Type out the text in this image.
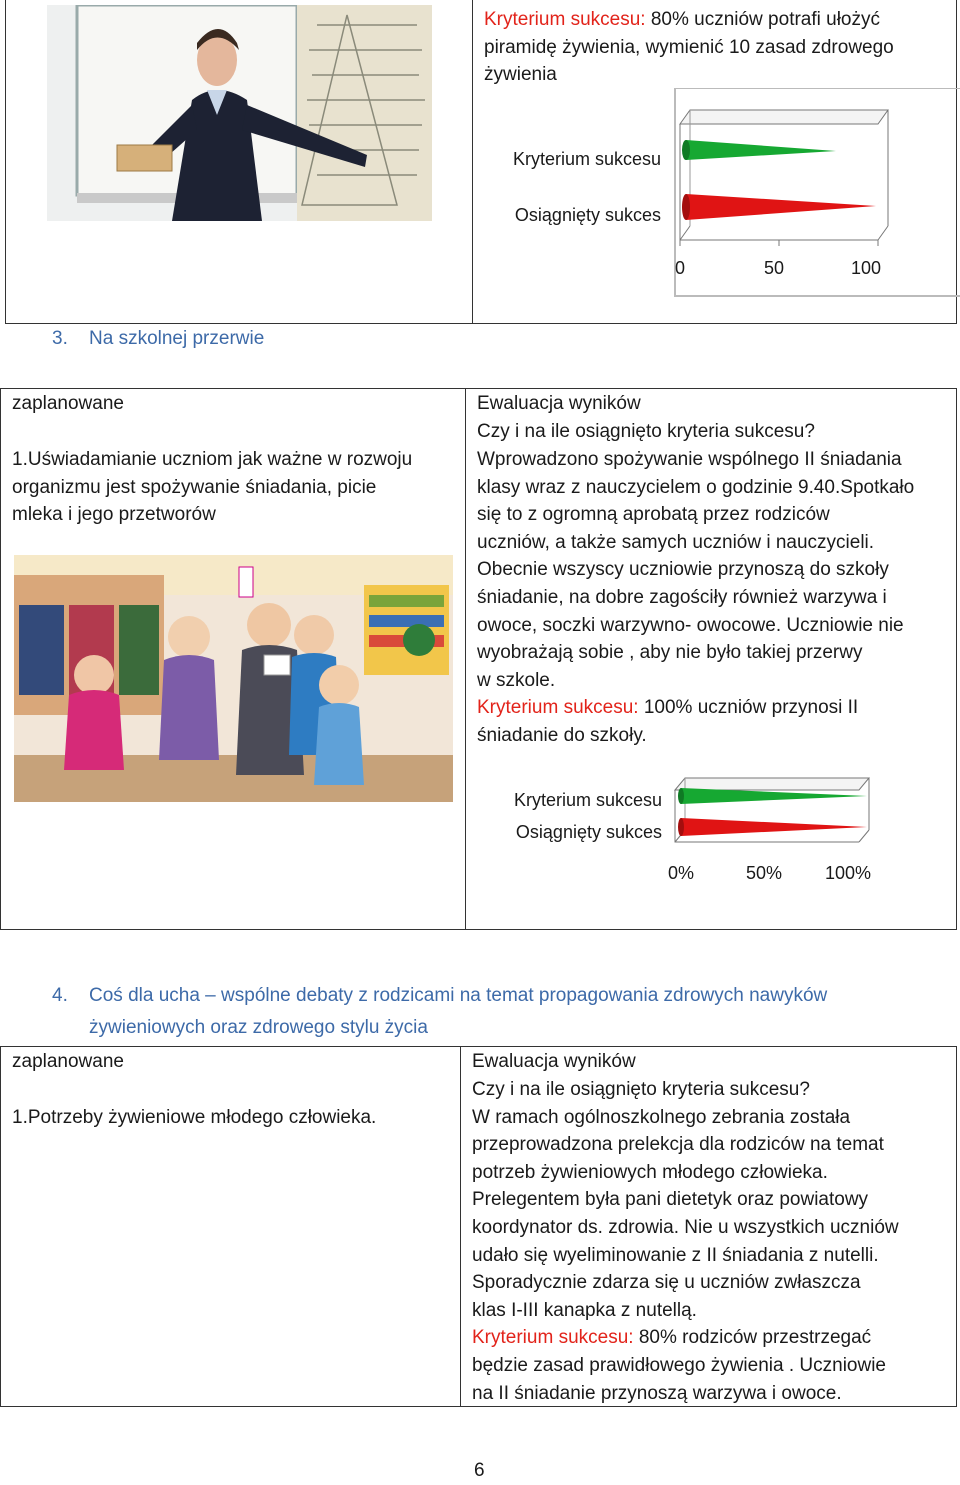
Kryterium sukcesu: 80% uczniów potrafi ułożyć
piramidę żywienia, wymienić 10 zasad zdrowego
żywienia
Kryterium sukcesu
Osiągnięty sukces
0	50	100
3. Na szkolnej przerwie
zaplanowane
1.Uświadamianie uczniom jak ważne w rozwoju
organizmu jest spożywanie śniadania, picie
mleka i jego przetworów
Ewaluacja wyników
Czy i na ile osiągnięto kryteria sukcesu?
Wprowadzono spożywanie wspólnego II śniadania
klasy wraz z nauczycielem o godzinie 9.40.Spotkało
się to z ogromną aprobatą przez rodziców
uczniów, a także samych uczniów i nauczycieli.
Obecnie wszyscy uczniowie przynoszą do szkoły
śniadanie, na dobre zagościły również warzywa i
owoce, soczki warzywno- owocowe. Uczniowie nie
wyobrażają sobie , aby nie było takiej przerwy
w szkole.
Kryterium sukcesu: 100% uczniów przynosi II
śniadanie do szkoły.
Kryterium sukcesu
Osiągnięty sukces
0%	50% 100%
4. Coś dla ucha – wspólne debaty z rodzicami na temat propagowania zdrowych nawyków
żywieniowych oraz zdrowego stylu życia
zaplanowane
1.Potrzeby żywieniowe młodego człowieka.
Ewaluacja wyników
Czy i na ile osiągnięto kryteria sukcesu?
W ramach ogólnoszkolnego zebrania została
przeprowadzona prelekcja dla rodziców na temat
potrzeb żywieniowych młodego człowieka.
Prelegentem była pani dietetyk oraz powiatowy
koordynator ds. zdrowia. Nie u wszystkich uczniów
udało się wyeliminowanie z II śniadania z nutelli.
Sporadycznie zdarza się u uczniów zwłaszcza
klas I-III kanapka z nutellą.
Kryterium sukcesu: 80% rodziców przestrzegać
będzie zasad prawidłowego żywienia . Uczniowie
na II śniadanie przynoszą warzywa i owoce.
6
